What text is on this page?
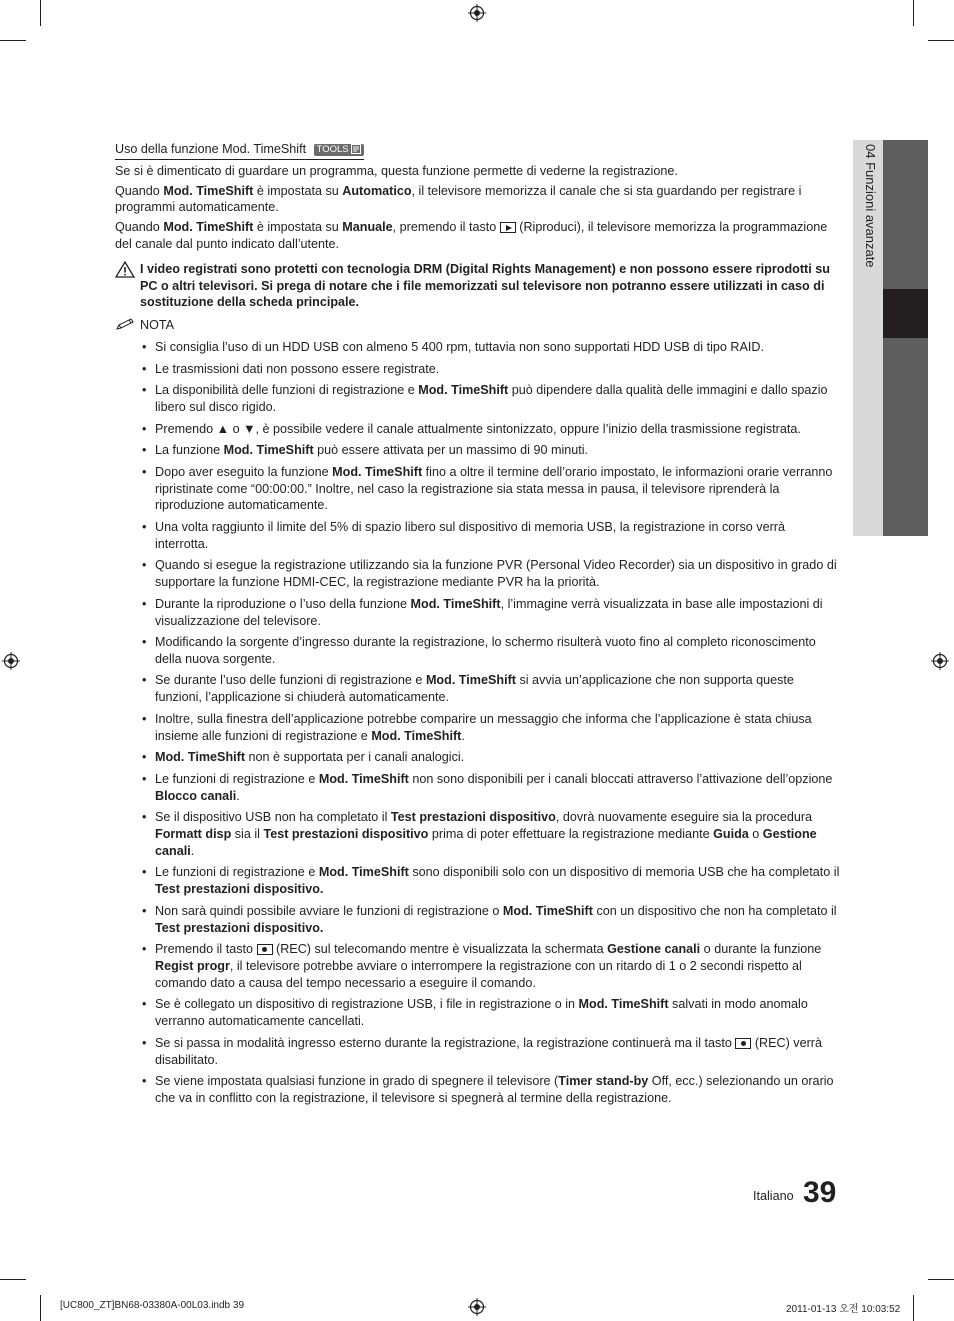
04 Funzioni avanzate
Uso della funzione Mod. TimeShift TOOLS

Se si è dimenticato di guardare un programma, questa funzione permette di vederne la registrazione.

Quando Mod. TimeShift è impostata su Automatico, il televisore memorizza il canale che si sta guardando per registrare i programmi automaticamente.

Quando Mod. TimeShift è impostata su Manuale, premendo il tasto  (Riproduci), il televisore memorizza la programmazione del canale dal punto indicato dall’utente.

I video registrati sono protetti con tecnologia DRM (Digital Rights Management) e non possono essere riprodotti su PC o altri televisori. Si prega di notare che i file memorizzati sul televisore non potranno essere utilizzati in caso di sostituzione della scheda principale.
NOTA
• Si consiglia l’uso di un HDD USB con almeno 5 400 rpm, tuttavia non sono supportati HDD USB di tipo RAID.
• Le trasmissioni dati non possono essere registrate.
• La disponibilità delle funzioni di registrazione e Mod. TimeShift può dipendere dalla qualità delle immagini e dallo spazio libero sul disco rigido.
• Premendo ▲ o ▼, è possibile vedere il canale attualmente sintonizzato, oppure l’inizio della trasmissione registrata.
• La funzione Mod. TimeShift può essere attivata per un massimo di 90 minuti.
• Dopo aver eseguito la funzione Mod. TimeShift fino a oltre il termine dell’orario impostato, le informazioni orarie verranno ripristinate come “00:00:00.” Inoltre, nel caso la registrazione sia stata messa in pausa, il televisore riprenderà la riproduzione automaticamente.
• Una volta raggiunto il limite del 5% di spazio libero sul dispositivo di memoria USB, la registrazione in corso verrà interrotta.
• Quando si esegue la registrazione utilizzando sia la funzione PVR (Personal Video Recorder) sia un dispositivo in grado di supportare la funzione HDMI-CEC, la registrazione mediante PVR ha la priorità.
• Durante la riproduzione o l’uso della funzione Mod. TimeShift, l’immagine verrà visualizzata in base alle impostazioni di visualizzazione del televisore.
• Modificando la sorgente d’ingresso durante la registrazione, lo schermo risulterà vuoto fino al completo riconoscimento della nuova sorgente.
• Se durante l’uso delle funzioni di registrazione e Mod. TimeShift si avvia un’applicazione che non supporta queste funzioni, l’applicazione si chiuderà automaticamente.
• Inoltre, sulla finestra dell’applicazione potrebbe comparire un messaggio che informa che l’applicazione è stata chiusa insieme alle funzioni di registrazione e Mod. TimeShift.
• Mod. TimeShift non è supportata per i canali analogici.
• Le funzioni di registrazione e Mod. TimeShift non sono disponibili per i canali bloccati attraverso l’attivazione dell’opzione Blocco canali.
• Se il dispositivo USB non ha completato il Test prestazioni dispositivo, dovrà nuovamente eseguire sia la procedura Formatt disp sia il Test prestazioni dispositivo prima di poter effettuare la registrazione mediante Guida o Gestione canali.
• Le funzioni di registrazione e Mod. TimeShift sono disponibili solo con un dispositivo di memoria USB che ha completato il Test prestazioni dispositivo.
• Non sarà quindi possibile avviare le funzioni di registrazione o Mod. TimeShift con un dispositivo che non ha completato il Test prestazioni dispositivo.
• Premendo il tasto  (REC) sul telecomando mentre è visualizzata la schermata Gestione canali o durante la funzione Regist progr, il televisore potrebbe avviare o interrompere la registrazione con un ritardo di 1 o 2 secondi rispetto al comando dato a causa del tempo necessario a eseguire il comando.
• Se è collegato un dispositivo di registrazione USB, i file in registrazione o in Mod. TimeShift salvati in modo anomalo verranno automaticamente cancellati.
• Se si passa in modalità ingresso esterno durante la registrazione, la registrazione continuerà ma il tasto  (REC) verrà disabilitato.
• Se viene impostata qualsiasi funzione in grado di spegnere il televisore (Timer stand-by Off, ecc.) selezionando un orario che va in conflitto con la registrazione, il televisore si spegnerà al termine della registrazione.
Italiano 39
[UC800_ZT]BN68-03380A-00L03.indb 39	2011-01-13 오전 10:03:52
